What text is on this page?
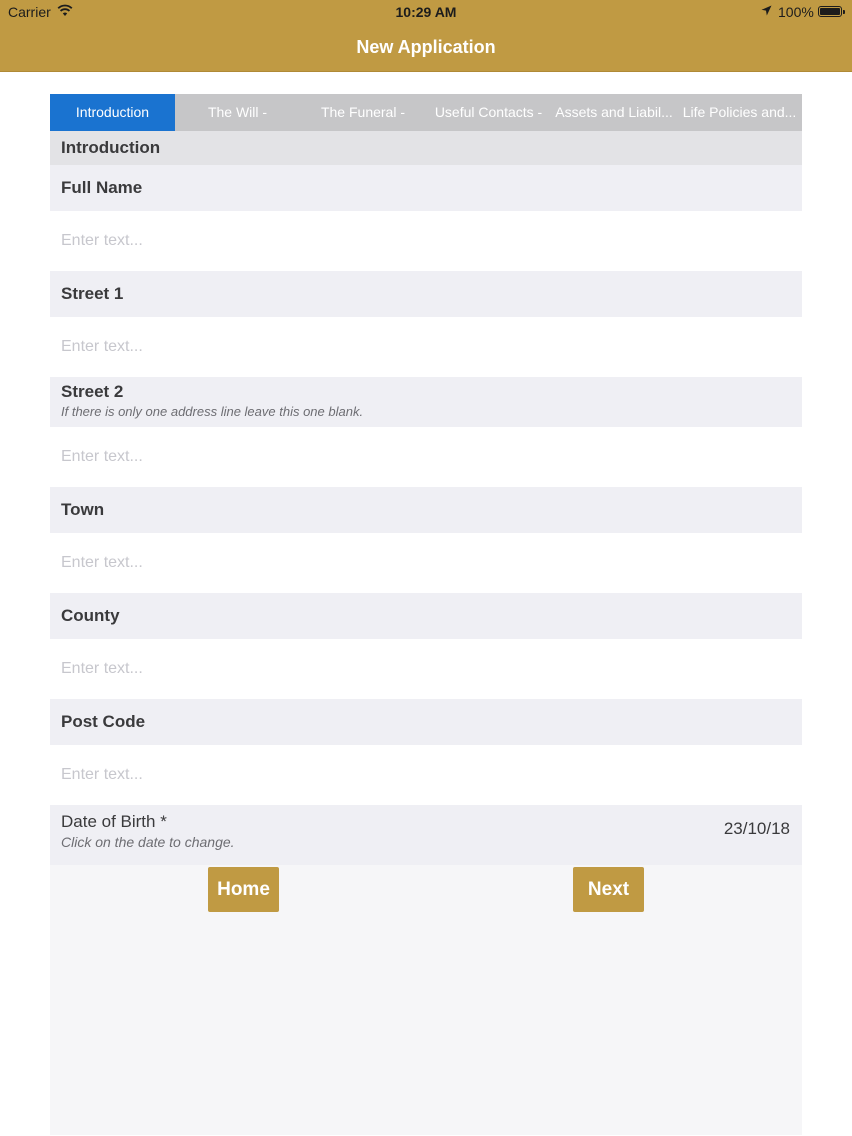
Carrier	10:29 AM	100%
New Application
Introduction	The Will -	The Funeral -	Useful Contacts - Assets and Liabil... Life Policies and...
Introduction
Full Name
Enter text...
Street 1
Enter text...
Street 2
If there is only one address line leave this one blank.
Enter text...
Town
Enter text...
County
Enter text...
Post Code
Enter text...
Date of Birth *
Click on the date to change.
23/10/18
Home	Next
